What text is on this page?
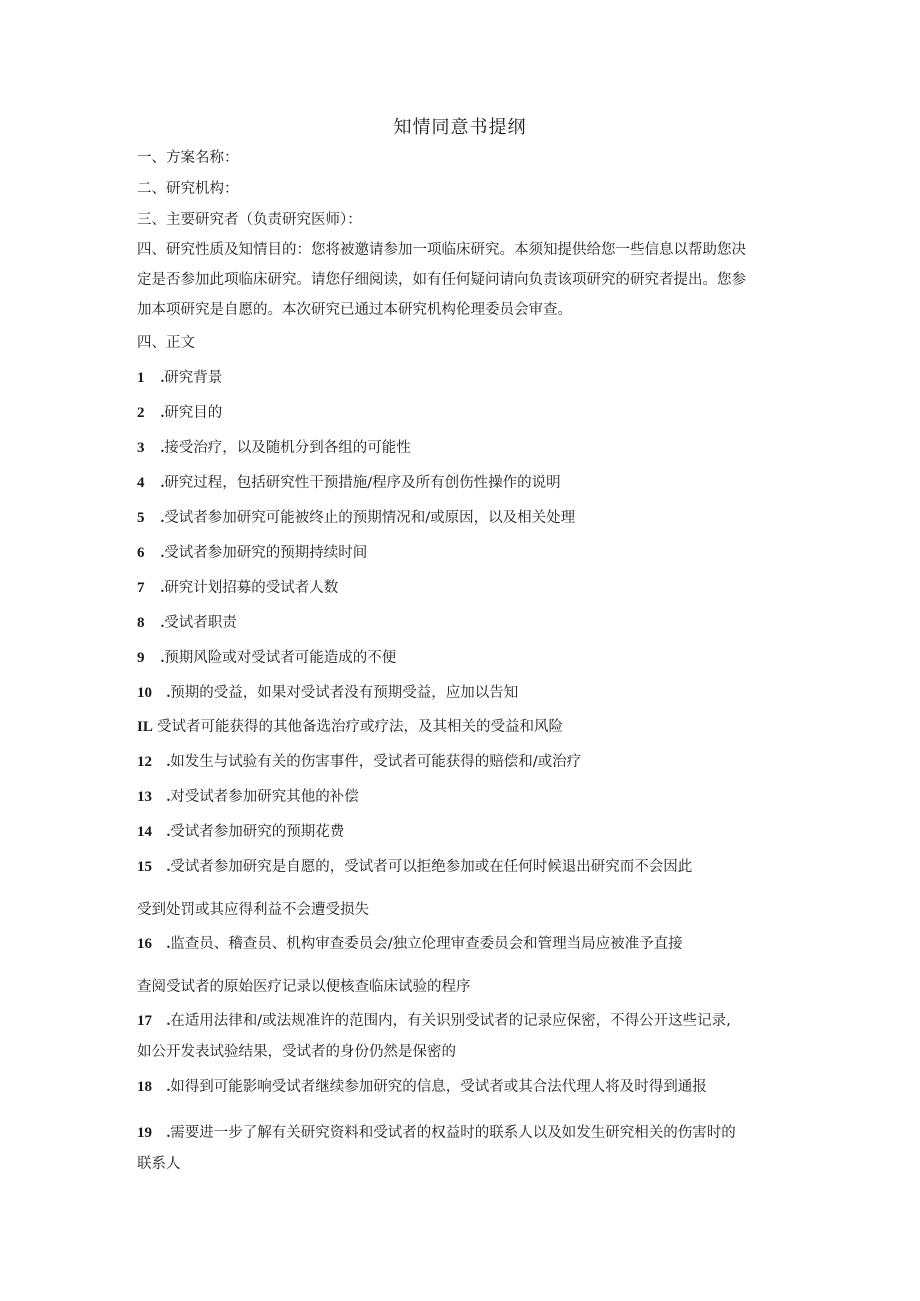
知情同意书提纲
一、方案名称：
二、研究机构：
三、主要研究者（负责研究医师）：
四、研究性质及知情目的：您将被邀请参加一项临床研究。本须知提供给您一些信息以帮助您决
定是否参加此项临床研究。请您仔细阅读，如有任何疑问请向负责该项研究的研究者提出。您参
加本项研究是自愿的。本次研究已通过本研究机构伦理委员会审查。
四、正文
1 .研究背景
2 .研究目的
3 .接受治疗，以及随机分到各组的可能性
4 .研究过程，包括研究性干预措施/程序及所有创伤性操作的说明
5 .受试者参加研究可能被终止的预期情况和/或原因，以及相关处理
6 .受试者参加研究的预期持续时间
7 .研究计划招募的受试者人数
8 .受试者职责
9 .预期风险或对受试者可能造成的不便
10 .预期的受益，如果对受试者没有预期受益，应加以告知
IL 受试者可能获得的其他备选治疗或疗法，及其相关的受益和风险
12 .如发生与试验有关的伤害事件，受试者可能获得的赔偿和/或治疗
13 .对受试者参加研究其他的补偿
14 .受试者参加研究的预期花费
15 .受试者参加研究是自愿的，受试者可以拒绝参加或在任何时候退出研究而不会因此
受到处罚或其应得利益不会遭受损失
16 .监查员、稽查员、机构审查委员会/独立伦理审查委员会和管理当局应被准予直接
查阅受试者的原始医疗记录以便核查临床试验的程序
17 .在适用法律和/或法规准许的范围内，有关识别受试者的记录应保密，不得公开这些记录,
如公开发表试验结果，受试者的身份仍然是保密的
18 .如得到可能影响受试者继续参加研究的信息，受试者或其合法代理人将及时得到通报
19 .需要进一步了解有关研究资料和受试者的权益时的联系人以及如发生研究相关的伤害时的
联系人
